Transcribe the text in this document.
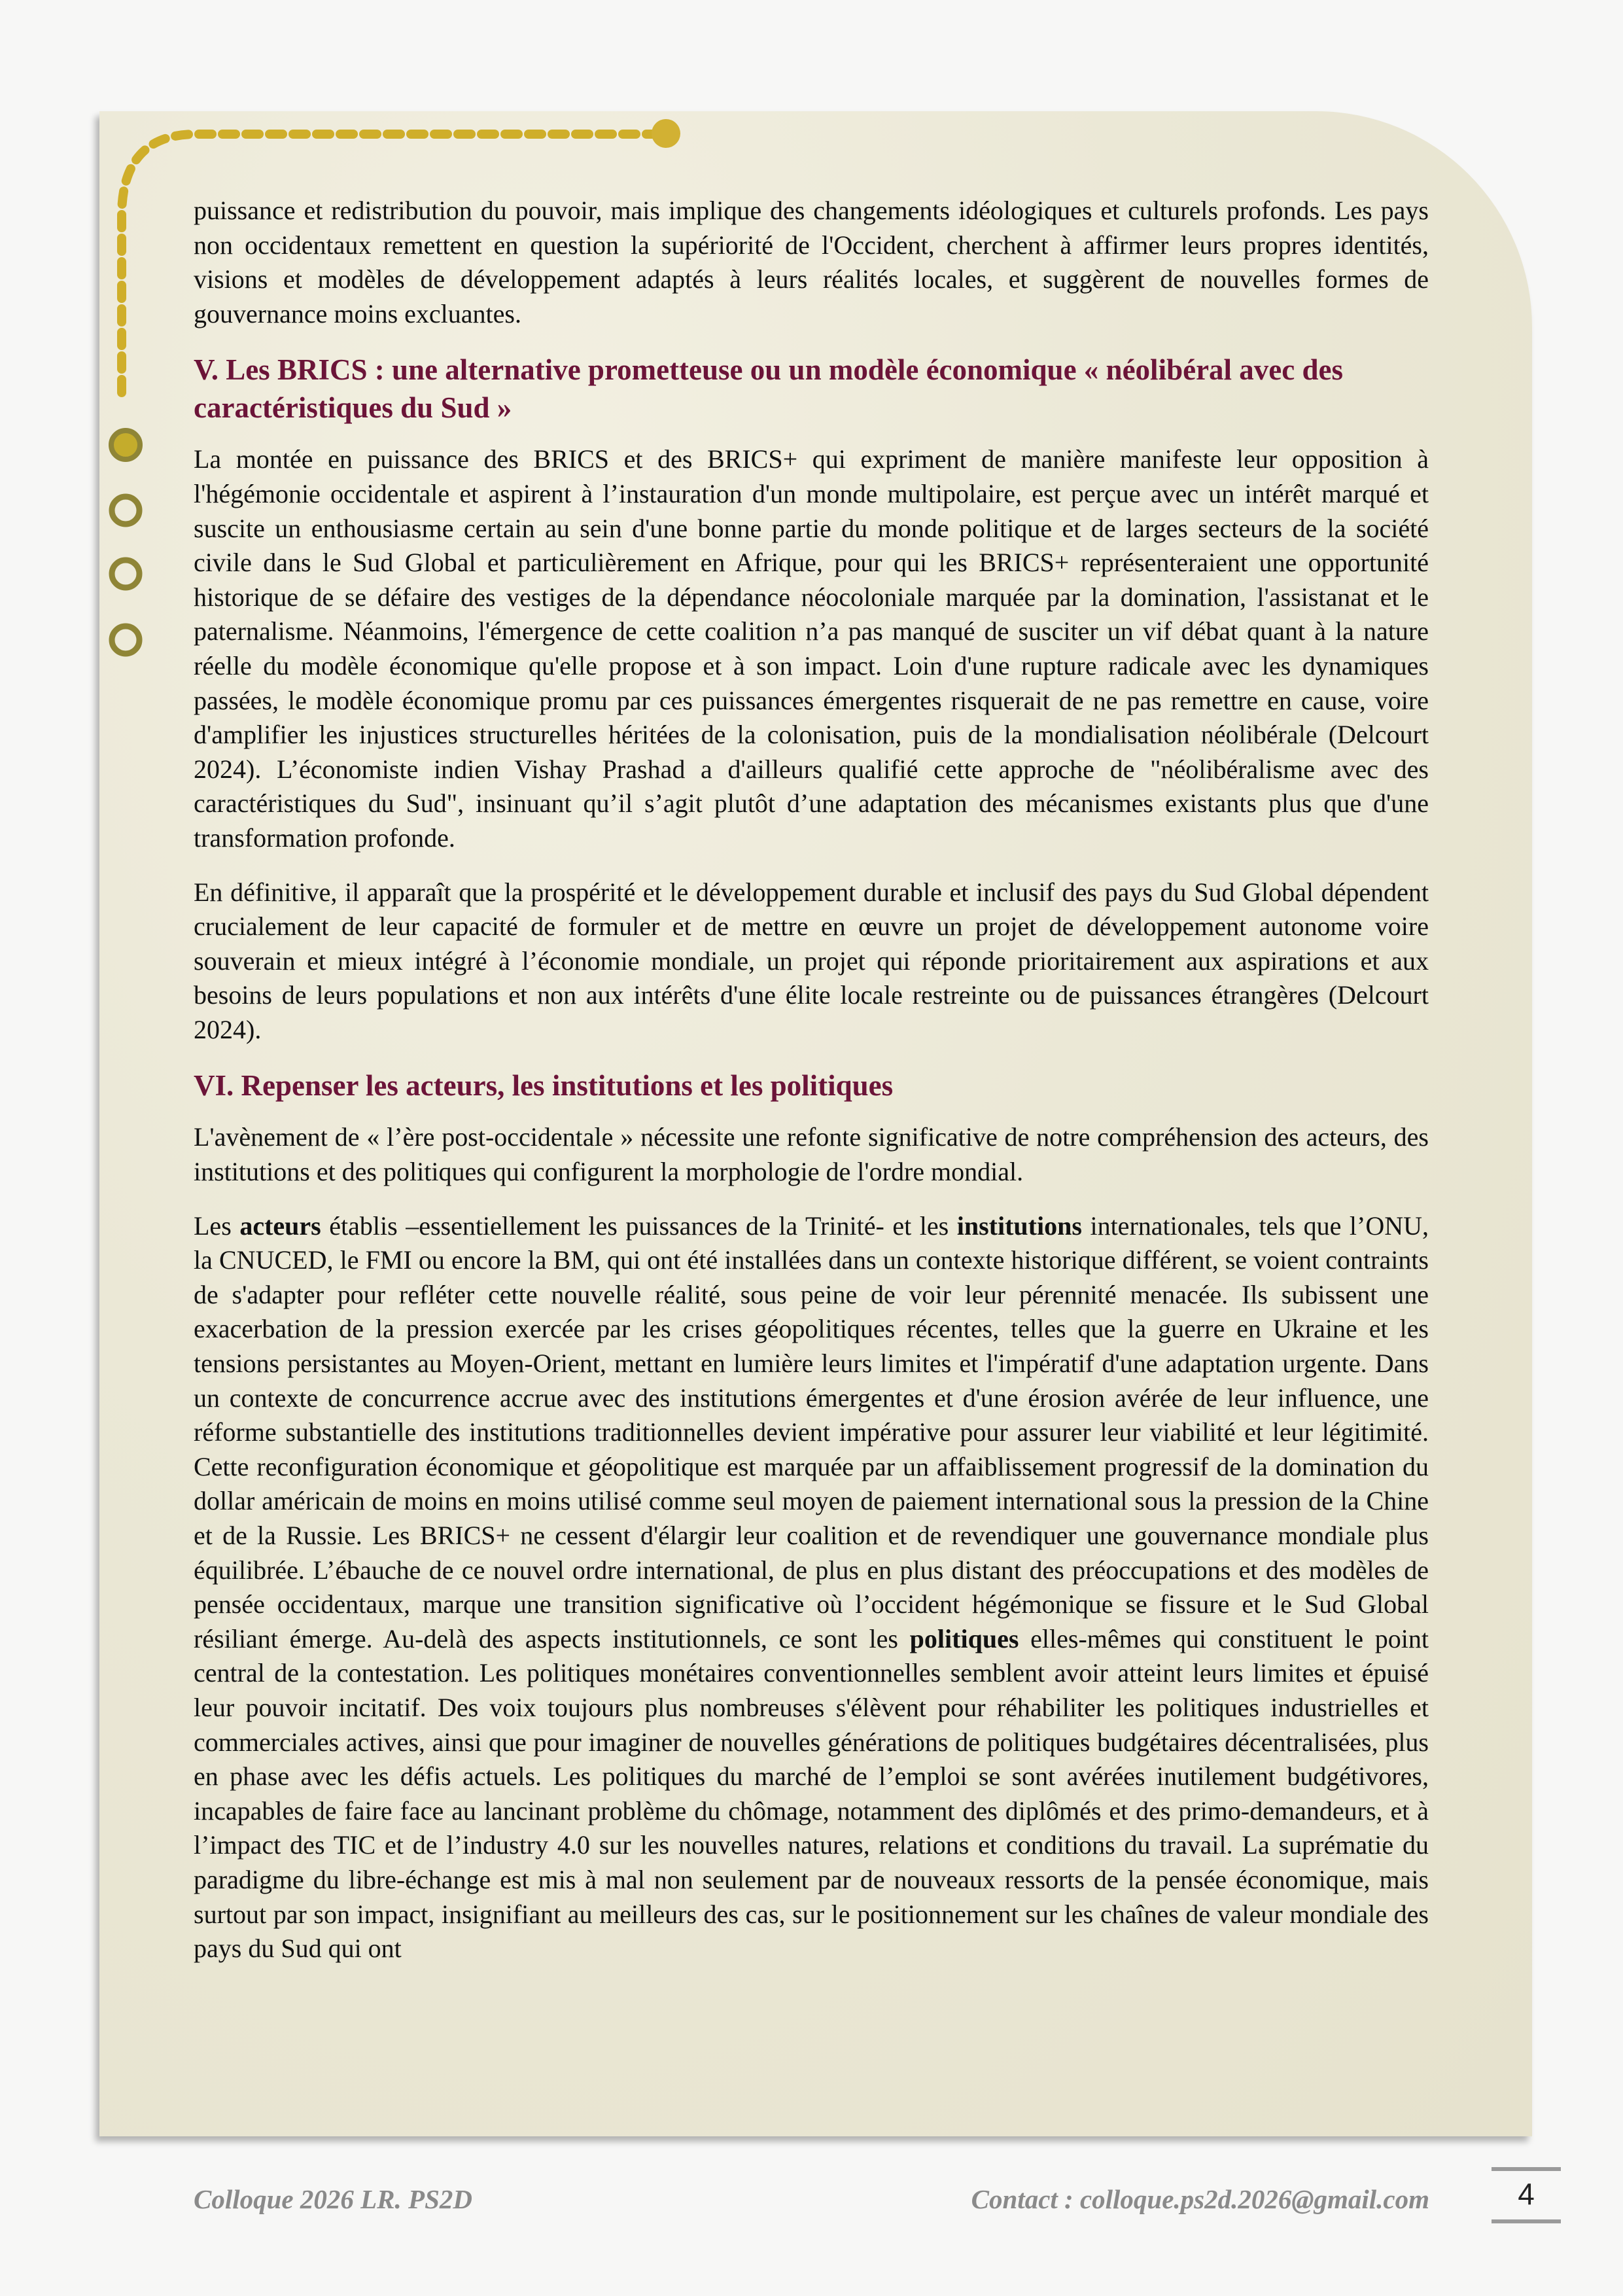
puissance et redistribution du pouvoir, mais implique des changements idéologiques et culturels profonds. Les pays non occidentaux remettent en question la supériorité de l'Occident, cherchent à affirmer leurs propres identités, visions et modèles de développement adaptés à leurs réalités locales, et suggèrent de nouvelles formes de gouvernance moins excluantes.

V. Les BRICS : une alternative prometteuse ou un modèle économique « néolibéral avec des caractéristiques du Sud »

La montée en puissance des BRICS et des BRICS+ qui expriment de manière manifeste leur opposition à l'hégémonie occidentale et aspirent à l’instauration d'un monde multipolaire, est perçue avec un intérêt marqué et suscite un enthousiasme certain au sein d'une bonne partie du monde politique et de larges secteurs de la société civile dans le Sud Global et particulièrement en Afrique, pour qui les BRICS+ représenteraient une opportunité historique de se défaire des vestiges de la dépendance néocoloniale marquée par la domination, l'assistanat et le paternalisme. Néanmoins, l'émergence de cette coalition n’a pas manqué de susciter un vif débat quant à la nature réelle du modèle économique qu'elle propose et à son impact. Loin d'une rupture radicale avec les dynamiques passées, le modèle économique promu par ces puissances émergentes risquerait de ne pas remettre en cause, voire d'amplifier les injustices structurelles héritées de la colonisation, puis de la mondialisation néolibérale (Delcourt 2024). L’économiste indien Vishay Prashad a d'ailleurs qualifié cette approche de "néolibéralisme avec des caractéristiques du Sud", insinuant qu’il s’agit plutôt d’une adaptation des mécanismes existants plus que d'une transformation profonde.

En définitive, il apparaît que la prospérité et le développement durable et inclusif des pays du Sud Global dépendent crucialement de leur capacité de formuler et de mettre en œuvre un projet de développement autonome voire souverain et mieux intégré à l’économie mondiale, un projet qui réponde prioritairement aux aspirations et aux besoins de leurs populations et non aux intérêts d'une élite locale restreinte ou de puissances étrangères (Delcourt 2024).

VI. Repenser les acteurs, les institutions et les politiques

L'avènement de « l’ère post-occidentale » nécessite une refonte significative de notre compréhension des acteurs, des institutions et des politiques qui configurent la morphologie de l'ordre mondial.

Les acteurs établis –essentiellement les puissances de la Trinité- et les institutions internationales, tels que l’ONU, la CNUCED, le FMI ou encore la BM, qui ont été installées dans un contexte historique différent, se voient contraints de s'adapter pour refléter cette nouvelle réalité, sous peine de voir leur pérennité menacée. Ils subissent une exacerbation de la pression exercée par les crises géopolitiques récentes, telles que la guerre en Ukraine et les tensions persistantes au Moyen-Orient, mettant en lumière leurs limites et l'impératif d'une adaptation urgente. Dans un contexte de concurrence accrue avec des institutions émergentes et d'une érosion avérée de leur influence, une réforme substantielle des institutions traditionnelles devient impérative pour assurer leur viabilité et leur légitimité. Cette reconfiguration économique et géopolitique est marquée par un affaiblissement progressif de la domination du dollar américain de moins en moins utilisé comme seul moyen de paiement international sous la pression de la Chine et de la Russie. Les BRICS+ ne cessent d'élargir leur coalition et de revendiquer une gouvernance mondiale plus équilibrée. L’ébauche de ce nouvel ordre international, de plus en plus distant des préoccupations et des modèles de pensée occidentaux, marque une transition significative où l’occident hégémonique se fissure et le Sud Global résiliant émerge. Au-delà des aspects institutionnels, ce sont les politiques elles-mêmes qui constituent le point central de la contestation. Les politiques monétaires conventionnelles semblent avoir atteint leurs limites et épuisé leur pouvoir incitatif. Des voix toujours plus nombreuses s'élèvent pour réhabiliter les politiques industrielles et commerciales actives, ainsi que pour imaginer de nouvelles générations de politiques budgétaires décentralisées, plus en phase avec les défis actuels. Les politiques du marché de l’emploi se sont avérées inutilement budgétivores, incapables de faire face au lancinant problème du chômage, notamment des diplômés et des primo-demandeurs, et à l’impact des TIC et de l’industry 4.0 sur les nouvelles natures, relations et conditions du travail. La suprématie du paradigme du libre-échange est mis à mal non seulement par de nouveaux ressorts de la pensée économique, mais surtout par son impact, insignifiant au meilleurs des cas, sur le positionnement sur les chaînes de valeur mondiale des pays du Sud qui ont

Colloque 2026 LR. PS2D	Contact : colloque.ps2d.2026@gmail.com	4
